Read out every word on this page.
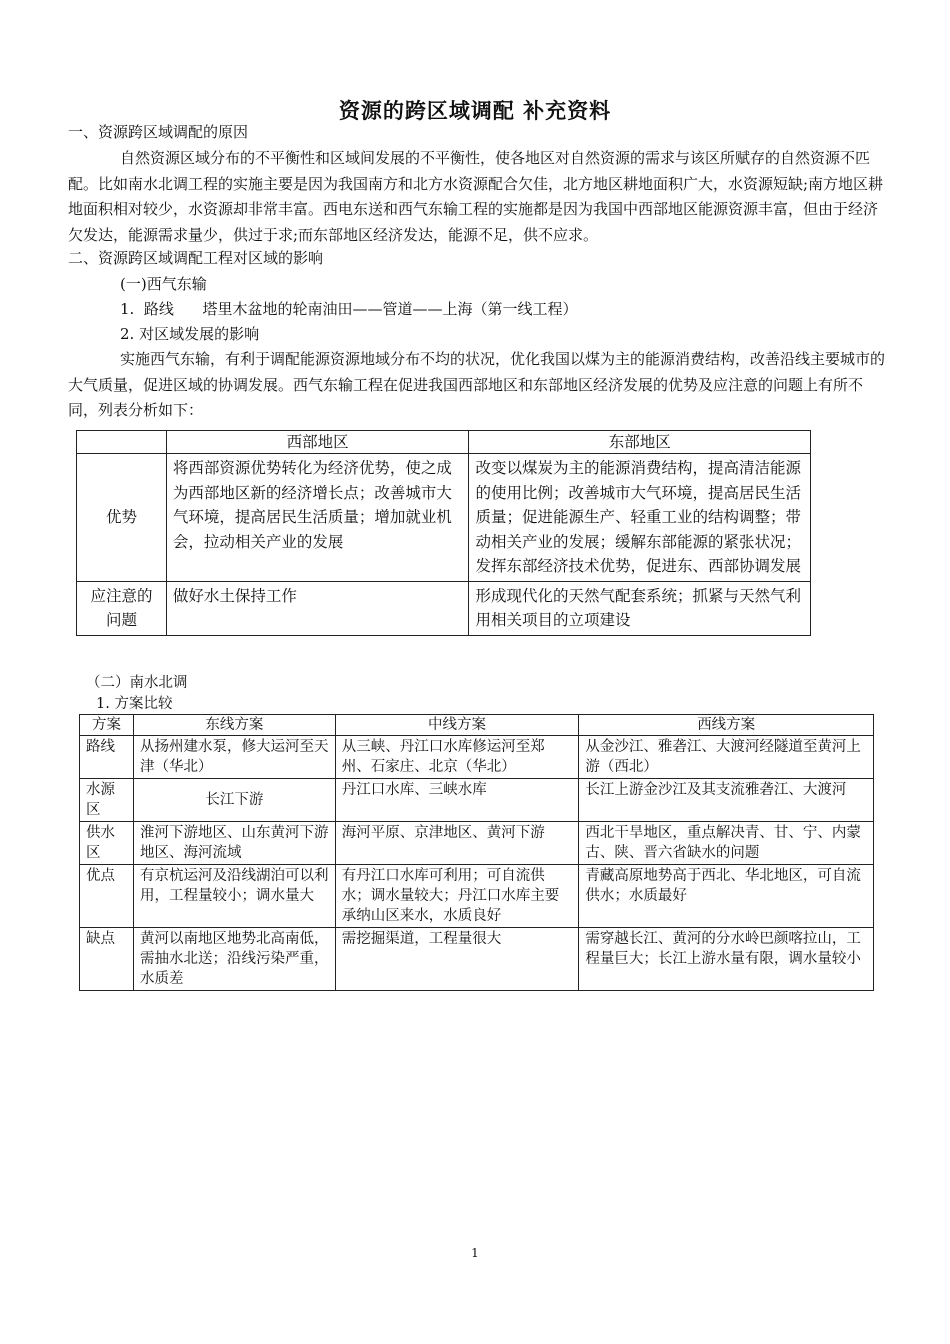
资源的跨区域调配 补充资料
一、资源跨区域调配的原因
自然资源区域分布的不平衡性和区域间发展的不平衡性，使各地区对自然资源的需求与该区所赋存的自然资源不匹配。比如南水北调工程的实施主要是因为我国南方和北方水资源配合欠佳，北方地区耕地面积广大，水资源短缺;南方地区耕地面积相对较少，水资源却非常丰富。西电东送和西气东输工程的实施都是因为我国中西部地区能源资源丰富，但由于经济欠发达，能源需求量少，供过于求;而东部地区经济发达，能源不足，供不应求。
二、资源跨区域调配工程对区域的影响
(一)西气东输
1. 路线 塔里木盆地的轮南油田——管道——上海（第一线工程）
2. 对区域发展的影响
实施西气东输，有利于调配能源资源地域分布不均的状况，优化我国以煤为主的能源消费结构，改善沿线主要城市的大气质量，促进区域的协调发展。西气东输工程在促进我国西部地区和东部地区经济发展的优势及应注意的问题上有所不同，列表分析如下：
	西部地区	东部地区
优势	将西部资源优势转化为经济优势，使之成为西部地区新的经济增长点；改善城市大气环境，提高居民生活质量；增加就业机会，拉动相关产业的发展	改变以煤炭为主的能源消费结构，提高清洁能源的使用比例；改善城市大气环境，提高居民生活质量；促进能源生产、轻重工业的结构调整；带动相关产业的发展；缓解东部能源的紧张状况；发挥东部经济技术优势，促进东、西部协调发展
应注意的问题	做好水土保持工作	形成现代化的天然气配套系统；抓紧与天然气利用相关项目的立项建设
（二）南水北调
1. 方案比较
方案	东线方案	中线方案	西线方案
路线	从扬州建水泵，修大运河至天津（华北）	从三峡、丹江口水库修运河至郑州、石家庄、北京（华北）	从金沙江、雅砻江、大渡河经隧道至黄河上游（西北）
水源区	长江下游	丹江口水库、三峡水库	长江上游金沙江及其支流雅砻江、大渡河
供水区	淮河下游地区、山东黄河下游地区、海河流域	海河平原、京津地区、黄河下游	西北干旱地区，重点解决青、甘、宁、内蒙古、陕、晋六省缺水的问题
优点	有京杭运河及沿线湖泊可以利用，工程量较小；调水量大	有丹江口水库可利用；可自流供水；调水量较大；丹江口水库主要承纳山区来水，水质良好	青藏高原地势高于西北、华北地区，可自流供水；水质最好
缺点	黄河以南地区地势北高南低，需抽水北送；沿线污染严重，水质差	需挖掘渠道，工程量很大	需穿越长江、黄河的分水岭巴颜喀拉山，工程量巨大；长江上游水量有限，调水量较小
1
